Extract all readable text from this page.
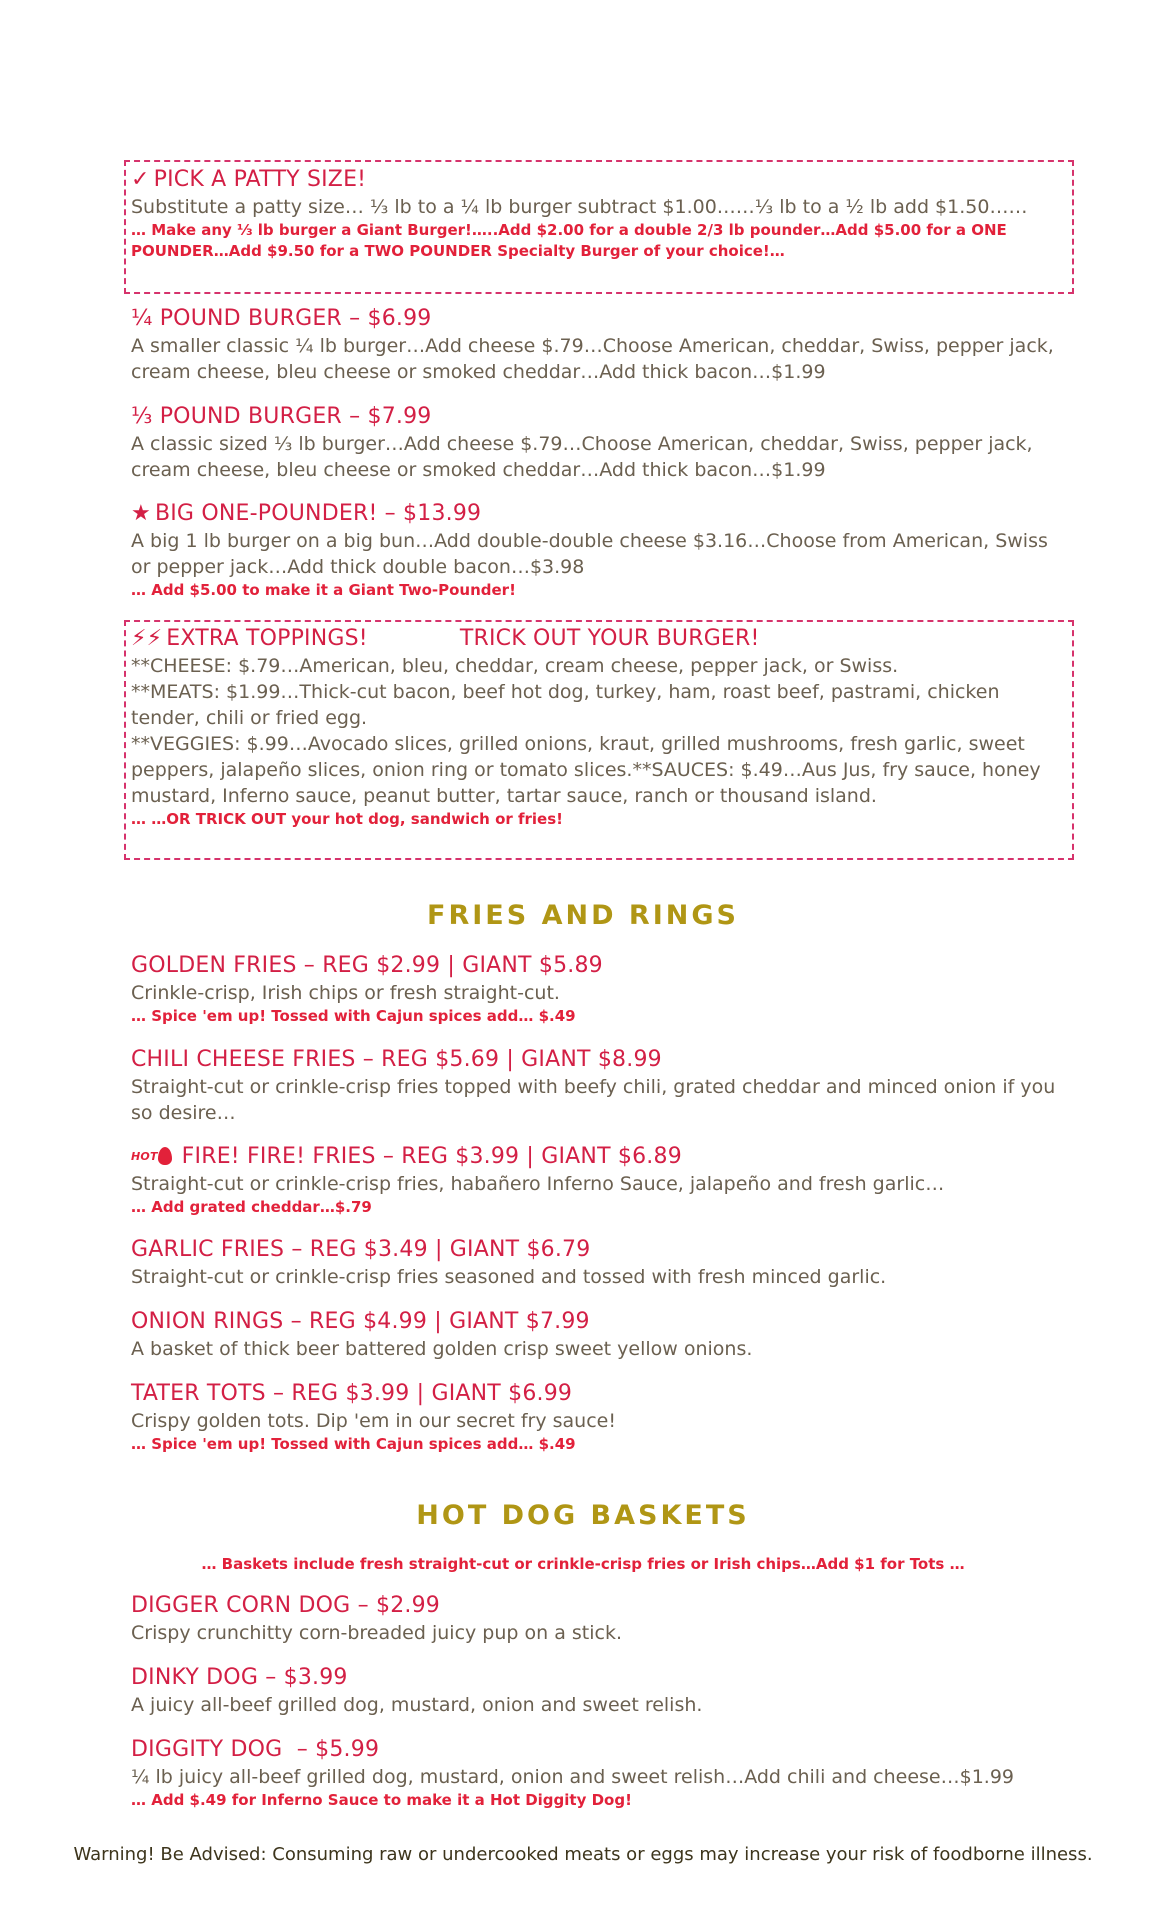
✓ PICK A PATTY SIZE!
Substitute a patty size… ⅓ lb to a ¼ lb burger subtract $1.00……⅓ lb to a ½ lb add $1.50……
… Make any ⅓ lb burger a Giant Burger!…..Add $2.00 for a double 2/3 lb pounder…Add $5.00 for a ONE POUNDER…Add $9.50 for a TWO POUNDER Specialty Burger of your choice!…
¼ POUND BURGER – $6.99
A smaller classic ¼ lb burger…Add cheese $.79…Choose American, cheddar, Swiss, pepper jack, cream cheese, bleu cheese or smoked cheddar…Add thick bacon…$1.99
⅓ POUND BURGER – $7.99
A classic sized ⅓ lb burger…Add cheese $.79…Choose American, cheddar, Swiss, pepper jack, cream cheese, bleu cheese or smoked cheddar…Add thick bacon…$1.99
★ BIG ONE-POUNDER! – $13.99
A big 1 lb burger on a big bun…Add double-double cheese $3.16…Choose from American, Swiss or pepper jack…Add thick double bacon…$3.98
… Add $5.00 to make it a Giant Two-Pounder!
⚡⚡ EXTRA TOPPINGS!	TRICK OUT YOUR BURGER!
**CHEESE: $.79…American, bleu, cheddar, cream cheese, pepper jack, or Swiss.
**MEATS: $1.99…Thick-cut bacon, beef hot dog, turkey, ham, roast beef, pastrami, chicken tender, chili or fried egg.
**VEGGIES: $.99…Avocado slices, grilled onions, kraut, grilled mushrooms, fresh garlic, sweet peppers, jalapeño slices, onion ring or tomato slices.**SAUCES: $.49…Aus Jus, fry sauce, honey mustard, Inferno sauce, peanut butter, tartar sauce, ranch or thousand island.
… …OR TRICK OUT your hot dog, sandwich or fries!
FRIES AND RINGS
GOLDEN FRIES – REG $2.99 | GIANT $5.89
Crinkle-crisp, Irish chips or fresh straight-cut.
… Spice 'em up! Tossed with Cajun spices add… $.49
CHILI CHEESE FRIES – REG $5.69 | GIANT $8.99
Straight-cut or crinkle-crisp fries topped with beefy chili, grated cheddar and minced onion if you so desire…
HOT FIRE! FIRE! FRIES – REG $3.99 | GIANT $6.89
Straight-cut or crinkle-crisp fries, habañero Inferno Sauce, jalapeño and fresh garlic…
… Add grated cheddar…$.79
GARLIC FRIES – REG $3.49 | GIANT $6.79
Straight-cut or crinkle-crisp fries seasoned and tossed with fresh minced garlic.
ONION RINGS – REG $4.99 | GIANT $7.99
A basket of thick beer battered golden crisp sweet yellow onions.
TATER TOTS – REG $3.99 | GIANT $6.99
Crispy golden tots. Dip 'em in our secret fry sauce!
… Spice 'em up! Tossed with Cajun spices add… $.49
HOT DOG BASKETS
… Baskets include fresh straight-cut or crinkle-crisp fries or Irish chips…Add $1 for Tots …
DIGGER CORN DOG – $2.99
Crispy crunchitty corn-breaded juicy pup on a stick.
DINKY DOG – $3.99
A juicy all-beef grilled dog, mustard, onion and sweet relish.
DIGGITY DOG  – $5.99
¼ lb juicy all-beef grilled dog, mustard, onion and sweet relish…Add chili and cheese…$1.99
… Add $.49 for Inferno Sauce to make it a Hot Diggity Dog!
Warning! Be Advised: Consuming raw or undercooked meats or eggs may increase your risk of foodborne illness.
